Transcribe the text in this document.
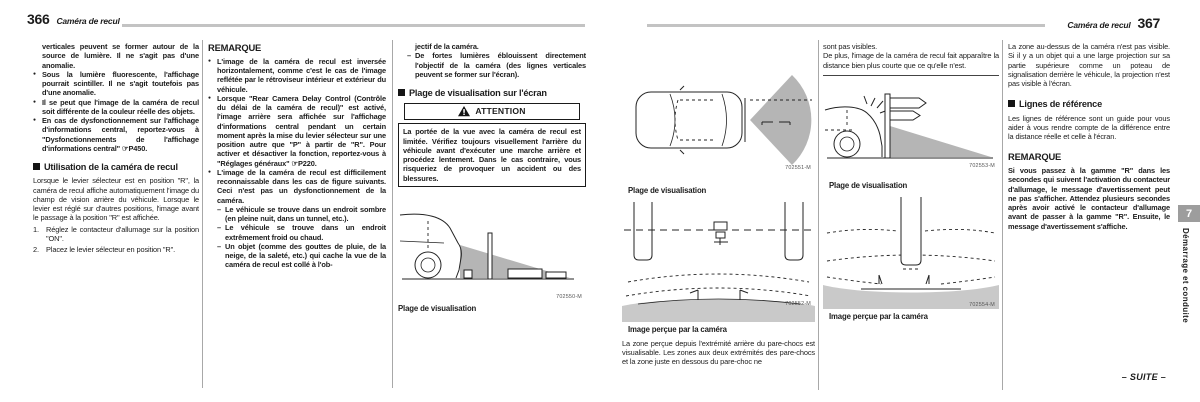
366 Caméra de recul	Caméra de recul 367
verticales peuvent se former autour de la source de lumière. Il ne s'agit pas d'une anomalie.
● Sous la lumière fluorescente, l'affichage pourrait scintiller. Il ne s'agit toutefois pas d'une anomalie.
● Il se peut que l'image de la caméra de recul soit différente de la couleur réelle des objets.
● En cas de dysfonctionnement sur l'affichage d'informations central, reportez-vous à "Dysfonctionnements de l'affichage d'informations central" ☞P450.
Utilisation de la caméra de recul
Lorsque le levier sélecteur est en position "R", la caméra de recul affiche automatiquement l'image du champ de vision arrière du véhicule. Lorsque le levier est réglé sur d'autres positions, l'image avant le passage à la position "R" est affichée.
1. Réglez le contacteur d'allumage sur la position "ON".
2. Placez le levier sélecteur en position "R".
REMARQUE
● L'image de la caméra de recul est inversée horizontalement, comme c'est le cas de l'image reflétée par le rétroviseur intérieur et extérieur du véhicule.
● Lorsque "Rear Camera Delay Control (Contrôle du délai de la caméra de recul)" est activé, l'image arrière sera affichée sur l'affichage d'informations central pendant un certain moment après la mise du levier sélecteur sur une position autre que "P" à partir de "R". Pour activer et désactiver la fonction, reportez-vous à "Réglages généraux" ☞P220.
● L'image de la caméra de recul est difficilement reconnaissable dans les cas de figure suivants. Ceci n'est pas un dysfonctionnement de la caméra.
– Le véhicule se trouve dans un endroit sombre (en pleine nuit, dans un tunnel, etc.).
– Le véhicule se trouve dans un endroit extrêmement froid ou chaud.
– Un objet (comme des gouttes de pluie, de la neige, de la saleté, etc.) qui cache la vue de la caméra de recul est collé à l'ob-
jectif de la caméra.
– De fortes lumières éblouissent directement l'objectif de la caméra (des lignes verticales peuvent se former sur l'écran).
Plage de visualisation sur l'écran
ATTENTION
La portée de la vue avec la caméra de recul est limitée. Vérifiez toujours visuellement l'arrière du véhicule avant d'exécuter une marche arrière et procédez lentement. Dans le cas contraire, vous risqueriez de provoquer un accident ou des blessures.
702550-M
Plage de visualisation
702551-M
Plage de visualisation
702552-M
Image perçue par la caméra
La zone perçue depuis l'extrémité arrière du pare-chocs est visualisable. Les zones aux deux extrémités des pare-chocs et la zone juste en dessous du pare-choc ne
sont pas visibles.
De plus, l'image de la caméra de recul fait apparaître la distance bien plus courte que ce qu'elle n'est.
702553-M
Plage de visualisation
702554-M
Image perçue par la caméra
La zone au-dessus de la caméra n'est pas visible. Si il y a un objet qui a une large projection sur sa partie supérieure comme un poteau de signalisation derrière le véhicule, la projection n'est pas visible à l'écran.
Lignes de référence
Les lignes de référence sont un guide pour vous aider à vous rendre compte de la différence entre la distance réelle et celle à l'écran.
REMARQUE
Si vous passez à la gamme "R" dans les secondes qui suivent l'activation du contacteur d'allumage, le message d'avertissement peut ne pas s'afficher. Attendez plusieurs secondes après avoir activé le contacteur d'allumage avant de passer à la gamme "R". Ensuite, le message d'avertissement s'affiche.
7
Démarrage et conduite
– SUITE –
